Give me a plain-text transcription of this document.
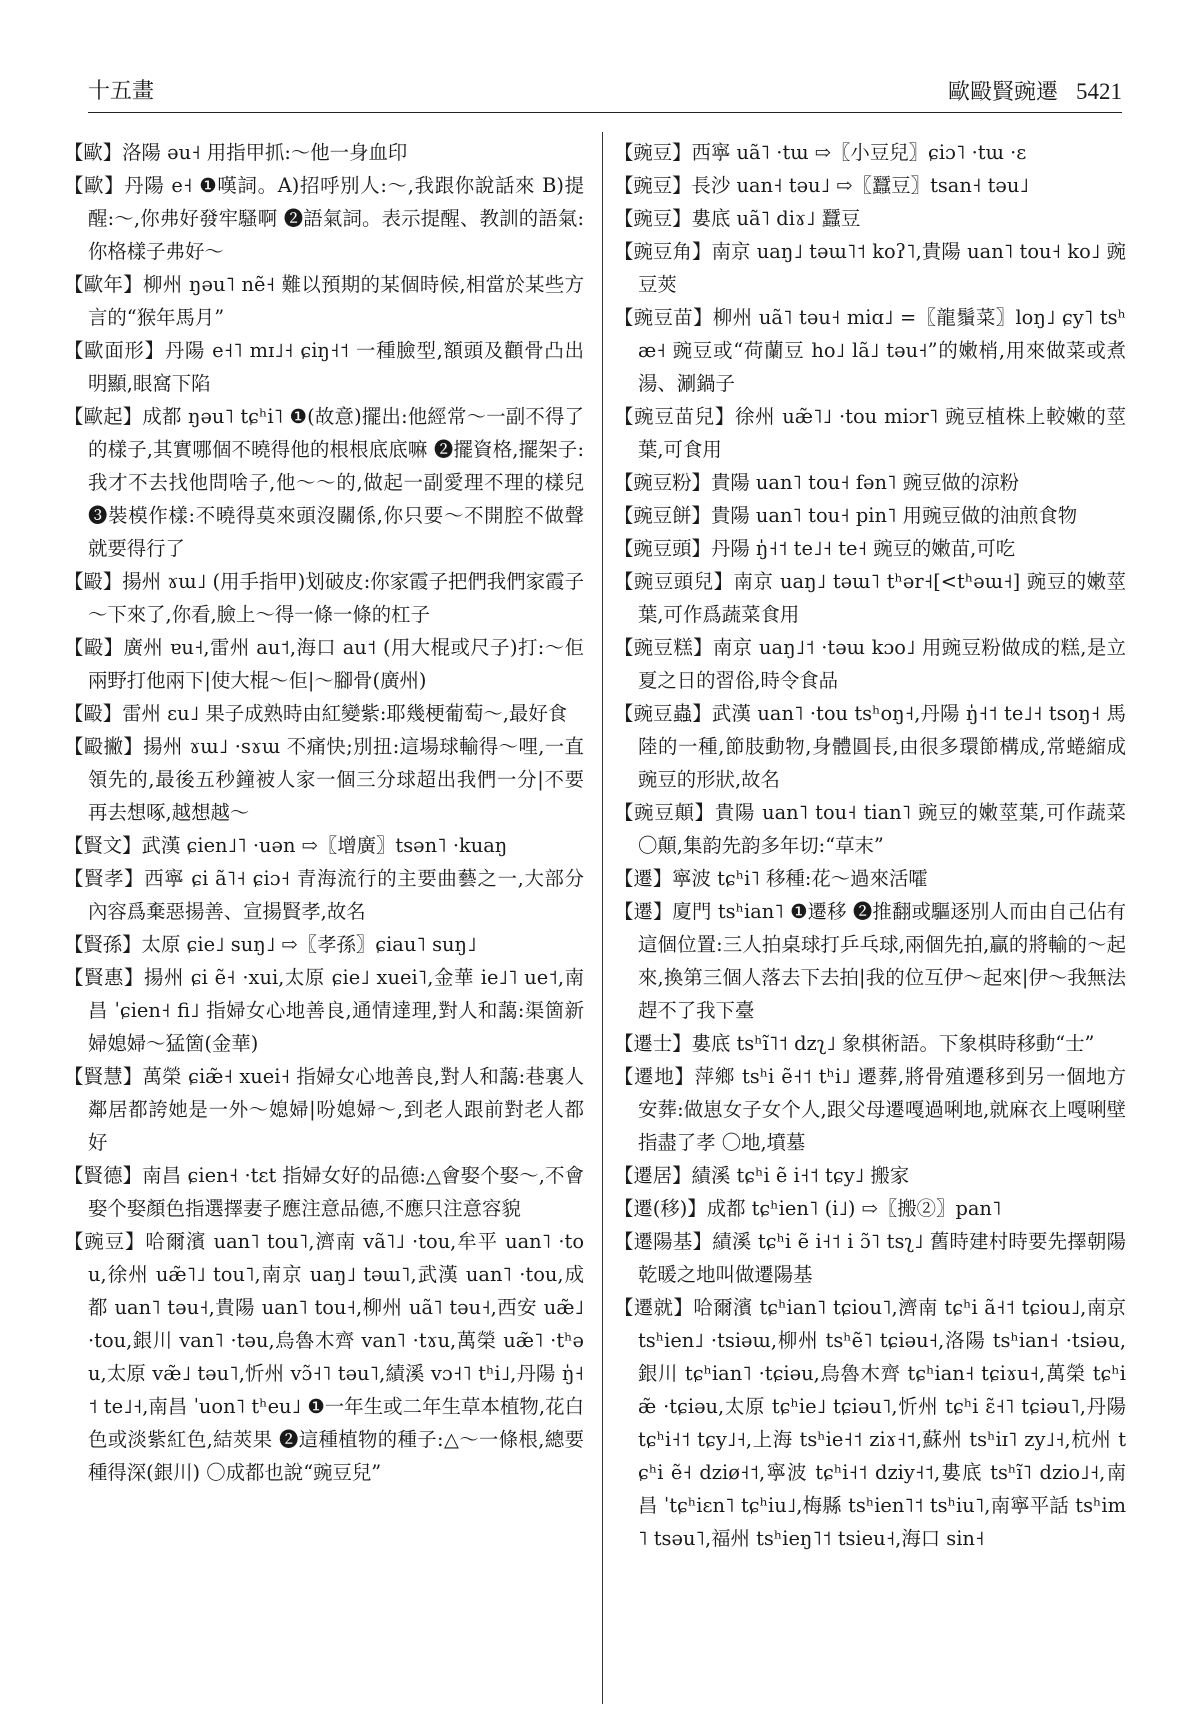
十五畫	歐毆賢豌遷 5421
【歐】洛陽 əu˧ 用指甲抓:～他一身血印
【歐】丹陽 e˧ ❶嘆詞。A)招呼別人:～,我跟你說話來 B)提醒:～,你弗好發牢騷啊 ❷語氣詞。表示提醒、教訓的語氣:你格樣子弗好～
【歐年】柳州 ŋəu˥ nẽ˧ 難以預期的某個時候,相當於某些方言的“猴年馬月”
【歐面形】丹陽 e˧˥ mɪ˩˧ ɕiŋ˧˦ 一種臉型,額頭及顴骨凸出明顯,眼窩下陷
【歐起】成都 ŋəu˥ tɕʰi˥ ❶(故意)擺出:他經常～一副不得了的樣子,其實哪個不曉得他的根根底底嘛 ❷擺資格,擺架子:我才不去找他問啥子,他～～的,做起一副愛理不理的樣兒 ❸裝模作樣:不曉得莫來頭沒關係,你只要～不開腔不做聲就要得行了
【毆】揚州 ɤɯ˩ (用手指甲)划破皮:你家霞子把們我們家霞子～下來了,你看,臉上～得一條一條的杠子
【毆】廣州 ɐu˧,雷州 au˦,海口 au˦ (用大棍或尺子)打:～佢兩野打他兩下|使大棍～佢|～腳骨(廣州)
【毆】雷州 ɛu˩ 果子成熟時由紅變紫:耶幾梗葡萄～,最好食
【毆撇】揚州 ɤɯ˩ ·sɤɯ 不痛快;別扭:這場球輸得～哩,一直領先的,最後五秒鐘被人家一個三分球超出我們一分|不要再去想啄,越想越～
【賢文】武漢 ɕien˩˥ ·uən ⇨〖增廣〗tsən˥ ·kuaŋ
【賢孝】西寧 ɕi ã˥˧ ɕiɔ˧ 青海流行的主要曲藝之一,大部分內容爲棄惡揚善、宣揚賢孝,故名
【賢孫】太原 ɕie˩ suŋ˩ ⇨〖孝孫〗ɕiau˥ suŋ˩
【賢惠】揚州 ɕi ẽ˧ ·xui,太原 ɕie˩ xuei˥,金華 ie˩˥ ue˦,南昌 ˈɕien˧ fi˩ 指婦女心地善良,通情達理,對人和藹:渠箇新婦媳婦～猛箇(金華)
【賢慧】萬榮 ɕiæ̃˧ xuei˧ 指婦女心地善良,對人和藹:巷裏人鄰居都誇她是一外～媳婦|吩媳婦～,到老人跟前對老人都好
【賢德】南昌 ɕien˧ ·tɛt 指婦女好的品德:△會娶个娶～,不會娶个娶顏色指選擇妻子應注意品德,不應只注意容貌
【豌豆】哈爾濱 uan˥ tou˥,濟南 vã˥˩ ·tou,牟平 uan˥ ·tou,徐州 uæ̃˥˩ tou˥,南京 uaŋ˩ təɯ˥,武漢 uan˥ ·tou,成都 uan˥ təu˧,貴陽 uan˥ tou˧,柳州 uã˥ təu˧,西安 uæ̃˩ ·tou,銀川 van˥ ·təu,烏魯木齊 van˥ ·tɤu,萬榮 uæ̃˥ ·tʰəu,太原 væ̃˩ təu˥,忻州 vɔ̃˧˥ təu˥,績溪 vɔ˧˥ tʰi˩,丹陽 ŋ̍˧˦ te˩˧,南昌 ˈuon˥ tʰeu˩ ❶一年生或二年生草本植物,花白色或淡紫紅色,結莢果 ❷這種植物的種子:△～一條根,總要種得深(銀川) 〇成都也說“豌豆兒”
【豌豆】西寧 uã˥ ·tɯ ⇨〖小豆兒〗ɕiɔ˥ ·tɯ ·ɛ
【豌豆】長沙 uan˧ təu˩ ⇨〖蠶豆〗tsan˧ təu˩
【豌豆】婁底 uã˥ diɤ˩ 蠶豆
【豌豆角】南京 uaŋ˩ təɯ˥˦ koʔ˥,貴陽 uan˥ tou˧ ko˩ 豌豆莢
【豌豆苗】柳州 uã˥ təu˧ miɑ˩ =〖龍鬚菜〗loŋ˩ ɕy˥ tsʰæ˧ 豌豆或“荷蘭豆 ho˩ lã˩ təu˧”的嫩梢,用來做菜或煮湯、涮鍋子
【豌豆苗兒】徐州 uæ̃˥˩ ·tou miɔr˥ 豌豆植株上較嫩的莖葉,可食用
【豌豆粉】貴陽 uan˥ tou˧ fən˥ 豌豆做的涼粉
【豌豆餅】貴陽 uan˥ tou˧ pin˥ 用豌豆做的油煎食物
【豌豆頭】丹陽 ŋ̍˧˦ te˩˧ te˧ 豌豆的嫩苗,可吃
【豌豆頭兒】南京 uaŋ˩ təɯ˥ tʰər˧[<tʰəɯ˧] 豌豆的嫩莖葉,可作爲蔬菜食用
【豌豆糕】南京 uaŋ˩˦ ·təɯ kɔo˩ 用豌豆粉做成的糕,是立夏之日的習俗,時令食品
【豌豆蟲】武漢 uan˥ ·tou tsʰoŋ˧,丹陽 ŋ̍˧˦ te˩˧ tsoŋ˧ 馬陸的一種,節肢動物,身體圓長,由很多環節構成,常蜷縮成豌豆的形狀,故名
【豌豆顛】貴陽 uan˥ tou˧ tian˥ 豌豆的嫩莖葉,可作蔬菜 〇顛,集韵先韵多年切:“草末”
【遷】寧波 tɕʰi˥ 移種:花～過來活嚯
【遷】廈門 tsʰian˥ ❶遷移 ❷推翻或驅逐別人而由自己佔有這個位置:三人拍桌球打乒乓球,兩個先拍,贏的將輸的～起來,換第三個人落去下去拍|我的位互伊～起來|伊～我無法趕不了我下臺
【遷士】婁底 tsʰĩ˥˦ dzʅ˩ 象棋術語。下象棋時移動“士”
【遷地】萍鄉 tsʰi ẽ˧˦ tʰi˩ 遷葬,將骨殖遷移到另一個地方安葬:做崽女子女个人,跟父母遷嘎過唎地,就麻衣上嘎唎壁指盡了孝 〇地,墳墓
【遷居】績溪 tɕʰi ẽ i˧˦ tɕy˩ 搬家
【遷(移)】成都 tɕʰien˥ (i˩) ⇨〖搬②〗pan˥
【遷陽基】績溪 tɕʰi ẽ i˧˦ i ɔ̃˥ tsʅ˩ 舊時建村時要先擇朝陽乾暖之地叫做遷陽基
【遷就】哈爾濱 tɕʰian˥ tɕiou˥,濟南 tɕʰi ã˧˦ tɕiou˩,南京 tsʰien˩ ·tsiəɯ,柳州 tsʰẽ˥ tɕiəu˧,洛陽 tsʰian˧ ·tsiəu,銀川 tɕʰian˥ ·tɕiəu,烏魯木齊 tɕʰian˧ tɕiɤu˧,萬榮 tɕʰiæ̃ ·tɕiəu,太原 tɕʰie˩ tɕiəu˥,忻州 tɕʰi ɛ̃˧˥ tɕiəu˥,丹陽 tɕʰi˧˦ tɕy˩˧,上海 tsʰie˧˦ ziɤ˧˦,蘇州 tsʰiɪ˥ zy˩˧,杭州 tɕʰi ẽ˧ dziø˧˦,寧波 tɕʰi˧˦ dziy˧˦,婁底 tsʰĩ˥ dzio˩˧,南昌 ˈtɕʰiɛn˥ tɕʰiu˩,梅縣 tsʰien˥˦ tsʰiu˥,南寧平話 tsʰim˥ tsəu˥,福州 tsʰieŋ˥˦ tsieu˧,海口 sin˧
